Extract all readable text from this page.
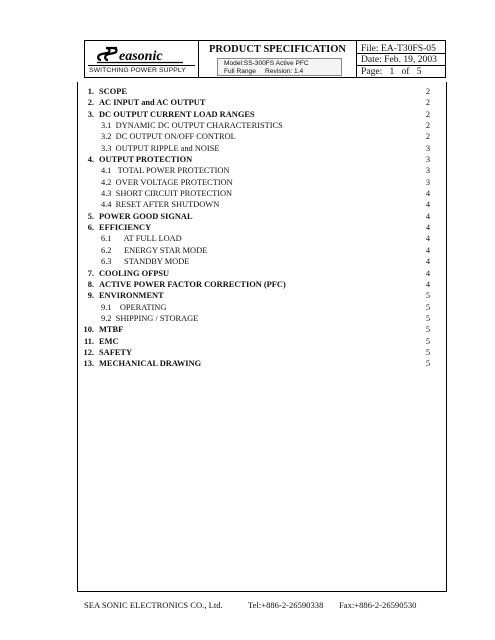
easonic
SWITCHING POWER SUPPLY
PRODUCT SPECIFICATION
Model:SS-300FS Active PFC
Full Range     Revision: 1.4
File: EA-T30FS-05
Date: Feb. 19, 2003
Page:   1   of   5
1. SCOPE	2
2. AC INPUT and AC OUTPUT	2
3. DC OUTPUT CURRENT LOAD RANGES	2
3.1  DYNAMIC DC OUTPUT CHARACTERISTICS	2
3.2  DC OUTPUT ON/OFF CONTROL	2
3.3  OUTPUT RIPPLE and NOISE	3
4. OUTPUT PROTECTION	3
4.1   TOTAL POWER PROTECTION	3
4.2  OVER VOLTAGE PROTECTION	3
4.3  SHORT CIRCUIT PROTECTION	4
4.4  RESET AFTER SHUTDOWN	4
5. POWER GOOD SIGNAL	4
6. EFFICIENCY	4
6.1      AT FULL LOAD	4
6.2      ENERGY STAR MODE	4
6.3      STANDBY MODE	4
7. COOLING OFPSU	4
8. ACTIVE POWER FACTOR CORRECTION (PFC)	4
9. ENVIRONMENT	5
9.1    OPERATING	5
9.2  SHIPPING / STORAGE	5
10. MTBF	5
11. EMC	5
12. SAFETY	5
13. MECHANICAL DRAWING	5
SEA SONIC ELECTRONICS CO., Ltd.	Tel:+886-2-26590338 Fax:+886-2-26590530
